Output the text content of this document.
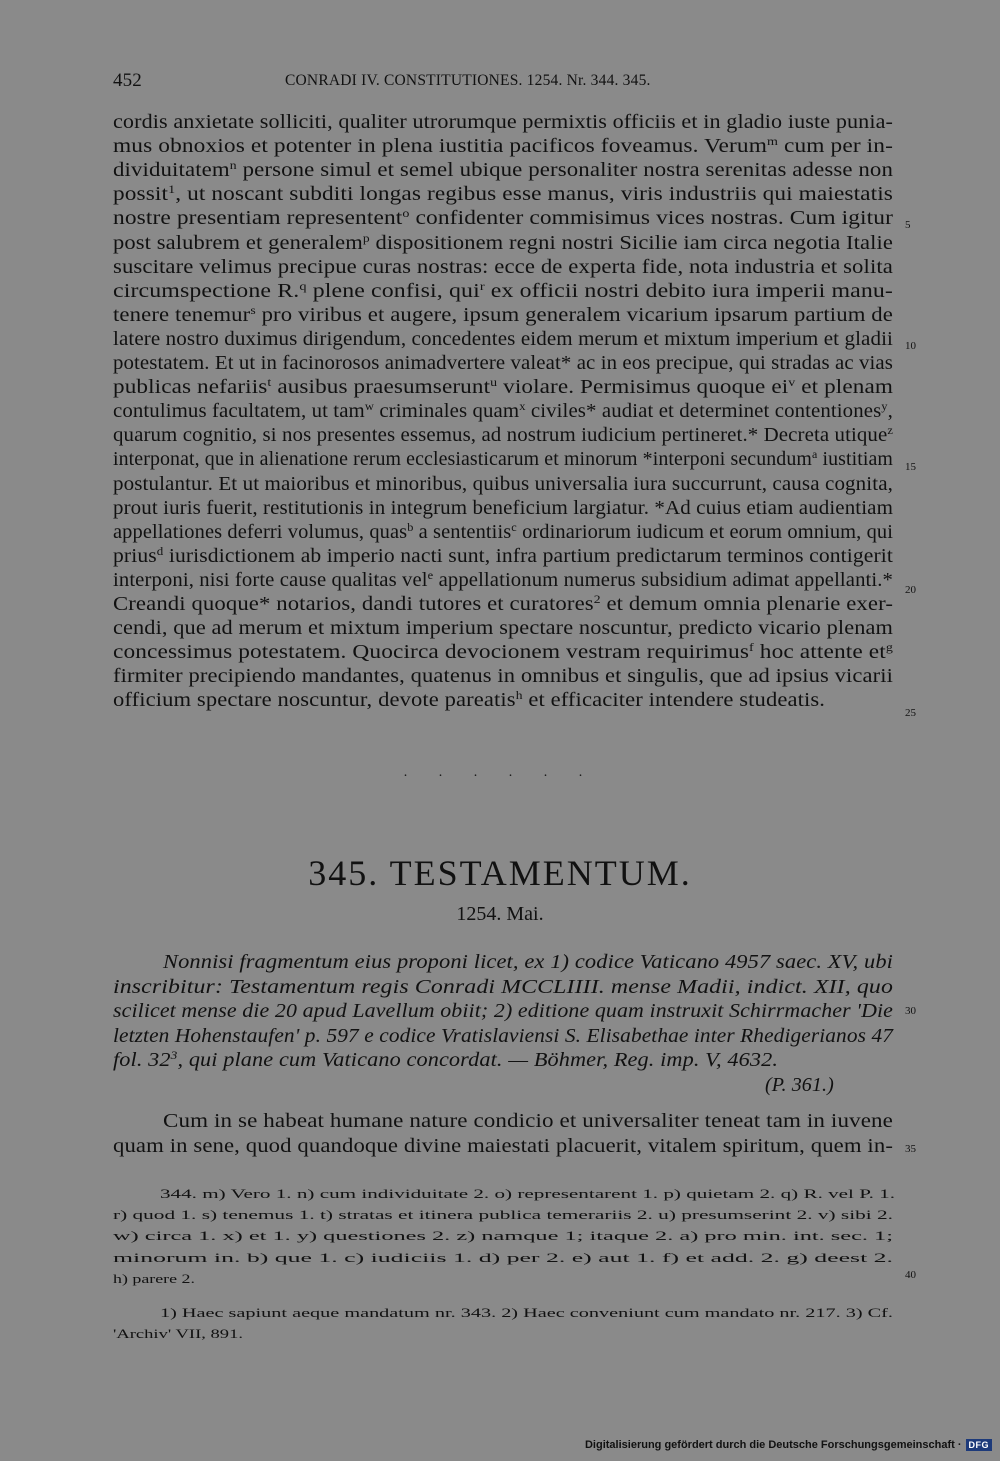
452	CONRADI IV. CONSTITUTIONES. 1254. Nr. 344. 345.
cordis anxietate solliciti, qualiter utrorumque permixtis officiis et in gladio iuste punia-
mus obnoxios et potenter in plena iustitia pacificos foveamus. Verum$^m$ cum per in-
dividuitatem$^n$ persone simul et semel ubique personaliter nostra serenitas adesse non
possit$^1$, ut noscant subditi longas regibus esse manus, viris industriis qui maiestatis
nostre presentiam representent$^o$ confidenter commisimus vices nostras. Cum igitur
post salubrem et generalem$^p$ dispositionem regni nostri Sicilie iam circa negotia Italie
suscitare velimus precipue curas nostras: ecce de experta fide, nota industria et solita
circumspectione R.$^q$ plene confisi, qui$^r$ ex officii nostri debito iura imperii manu-
tenere tenemur$^s$ pro viribus et augere, ipsum generalem vicarium ipsarum partium de
latere nostro duximus dirigendum, concedentes eidem merum et mixtum imperium et gladii
potestatem. Et ut in facinorosos animadvertere valeat* ac in eos precipue, qui stradas ac vias
publicas nefariis$^t$ ausibus praesumserunt$^u$ violare. Permisimus quoque $ei^v$ et plenam
contulimus facultatem, ut tam$^w$ criminales quam$^x$ civiles* audiat et determinet contentiones$^y$,
quarum cognitio, si nos presentes essemus, ad nostrum iudicium pertineret.* Decreta utique$^z$
interponat, que in alienatione rerum ecclesiasticarum et minorum *interponi secundum$^a$ iustitiam
postulantur. Et ut maioribus et minoribus, quibus universalia iura succurrunt, causa cognita,
prout iuris fuerit, restitutionis in integrum beneficium largiatur. *Ad cuius etiam audientiam
appellationes deferri volumus, quas$^b$ a sententiis$^c$ ordinariorum iudicum et eorum omnium, qui
prius$^d$ iurisdictionem ab imperio nacti sunt, infra partium predictarum terminos contigerit
interponi, nisi forte cause qualitas vel$^e$ appellationum numerus subsidium adimat appellanti.*
Creandi quoque* notarios, dandi tutores et curatores$^2$ et demum omnia plenarie exer-
cendi, que ad merum et mixtum imperium spectare noscuntur, predicto vicario plenam
concessimus potestatem. Quocirca devocionem vestram requirimus$^f$ hoc attente $et^g$
firmiter precipiendo mandantes, quatenus in omnibus et singulis, que ad ipsius vicarii
officium spectare noscuntur, devote pareatis$^h$ et efficaciter intendere studeatis.
5
10
15
20
25
30
35
40
. . . . . .
345. TESTAMENTUM.
1254. Mai.
Nonnisi fragmentum eius proponi licet, ex 1) codice Vaticano 4957 saec. XV, ubi
inscribitur: Testamentum regis Conradi MCCLIIII. mense Madii, indict. XII, quo
scilicet mense die 20 apud Lavellum obiit; 2) editione quam instruxit Schirrmacher 'Die
letzten Hohenstaufen' p. 597 e codice Vratislaviensi S. Elisabethae inter Rhedigerianos 47
fol. $32^3$, qui plane cum Vaticano concordat. — Böhmer, Reg. imp. V, 4632.
(P. 361.)
Cum in se habeat humane nature condicio et universaliter teneat tam in iuvene
quam in sene, quod quandoque divine maiestati placuerit, vitalem spiritum, quem in-
344. m) Vero 1. n) cum individuitate 2. o) representarent 1. p) quietam 2. q) R. vel P. 1.
r) quod 1. s) tenemus 1. t) stratas et itinera publica temerariis 2. u) presumserint 2. v) sibi 2.
w) circa 1. x) et 1. y) questiones 2. z) namque 1; itaque 2. a) pro min. int. sec. 1;
minorum in. b) que 1. c) iudiciis 1. d) per 2. e) aut 1. f) et add. 2. g) deest 2.
h) parere 2.
1) Haec sapiunt aeque mandatum nr. 343. 2) Haec conveniunt cum mandato nr. 217. 3) Cf.
'Archiv' VII, 891.
Digitalisierung gefördert durch die Deutsche Forschungsgemeinschaft · DFG
